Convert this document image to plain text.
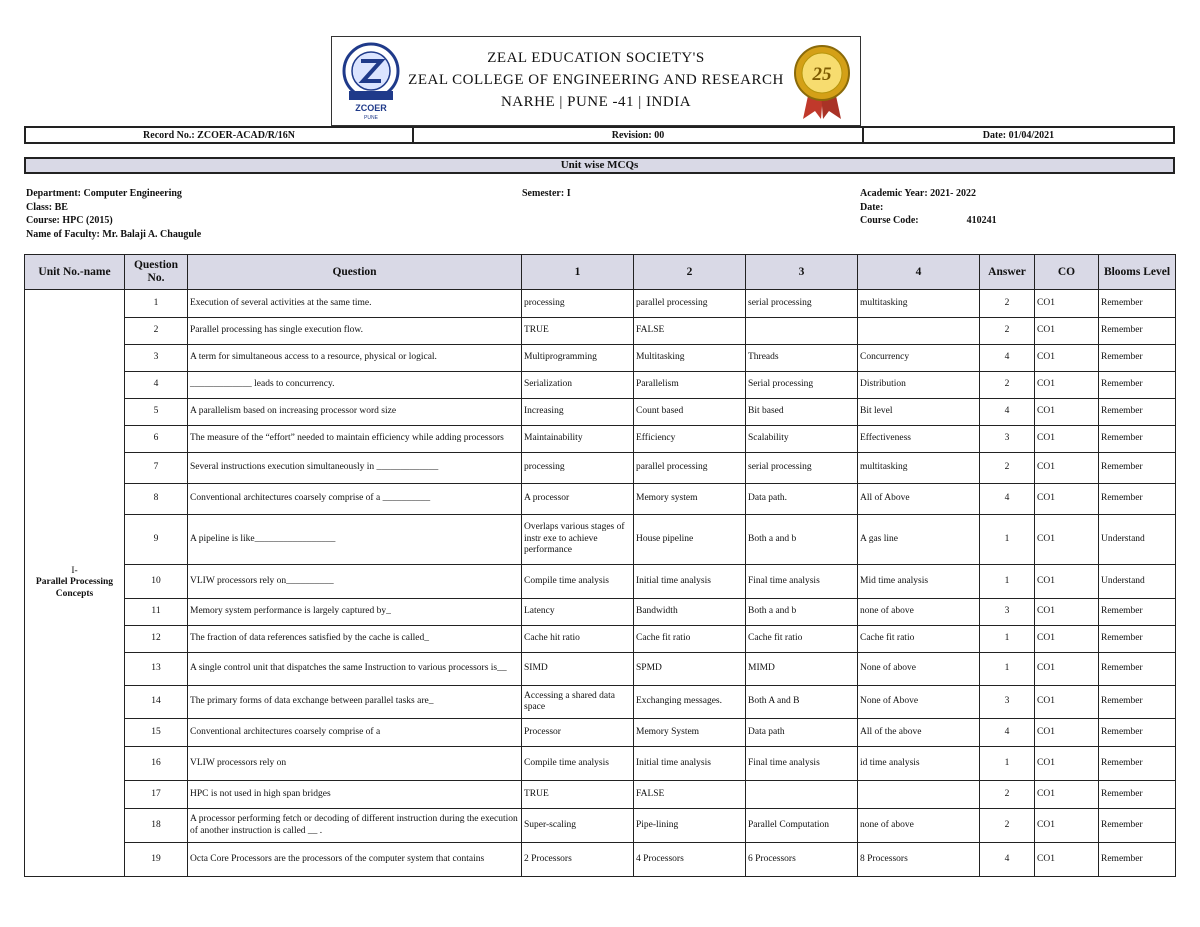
ZCOER
PUNE
ZEAL EDUCATION SOCIETY'S
ZEAL COLLEGE OF ENGINEERING AND RESEARCH
NARHE | PUNE -41 | INDIA
25
Record No.: ZCOER-ACAD/R/16N	Revision: 00	Date: 01/04/2021
Unit wise MCQs
Department: Computer Engineering
Class: BE
Course: HPC (2015)
Name of Faculty: Mr. Balaji A. Chaugule
Semester: I	Academic Year: 2021- 2022
Date:
Course Code:	410241
Unit No.-name	Question No.	Question	1	2	3	4	Answer	CO	Blooms Level

I-
Parallel Processing Concepts	1	Execution of several activities at the same time.	processing	parallel processing	serial processing	multitasking	2	CO1	Remember
	2	Parallel processing has single execution flow.	TRUE	FALSE			2	CO1	Remember
	3	A term for simultaneous access to a resource, physical or logical.	Multiprogramming	Multitasking	Threads	Concurrency	4	CO1	Remember
	4	_____________ leads to concurrency.	Serialization	Parallelism	Serial processing	Distribution	2	CO1	Remember
	5	A parallelism based on increasing processor word size	Increasing	Count based	Bit based	Bit level	4	CO1	Remember
	6	The measure of the “effort” needed to maintain efficiency while adding processors	Maintainability	Efficiency	Scalability	Effectiveness	3	CO1	Remember
	7	Several instructions execution simultaneously in _____________	processing	parallel processing	serial processing	multitasking	2	CO1	Remember
	8	Conventional architectures coarsely comprise of a __________	A processor	Memory system	Data path.	All of Above	4	CO1	Remember
	9	A pipeline is like_________________	Overlaps various stages of instr exe to achieve performance	House pipeline	Both a and b	A gas line	1	CO1	Understand
	10	VLIW processors rely on__________	Compile time analysis	Initial time analysis	Final time analysis	Mid time analysis	1	CO1	Understand
	11	Memory system performance is largely captured by_	Latency	Bandwidth	Both a and b	none of above	3	CO1	Remember
	12	The fraction of data references satisfied by the cache is called_	Cache hit ratio	Cache fit ratio	Cache fit ratio	Cache fit ratio	1	CO1	Remember
	13	A single control unit that dispatches the same Instruction to various processors is__	SIMD	SPMD	MIMD	None of above	1	CO1	Remember
	14	The primary forms of data exchange between parallel tasks are_	Accessing a shared data space	Exchanging messages.	Both A and B	None of Above	3	CO1	Remember
	15	Conventional architectures coarsely comprise of a	Processor	Memory System	Data path	All of the above	4	CO1	Remember
	16	VLIW processors rely on	Compile time analysis	Initial time analysis	Final time analysis	id time analysis	1	CO1	Remember
	17	HPC is not used in high span bridges	TRUE	FALSE			2	CO1	Remember
	18	A processor performing fetch or decoding of different instruction during the execution of another instruction is called __ .	Super-scaling	Pipe-lining	Parallel Computation	none of above	2	CO1	Remember
	19	Octa Core Processors are the processors of the computer system that contains	2 Processors	4 Processors	6 Processors	8 Processors	4	CO1	Remember
